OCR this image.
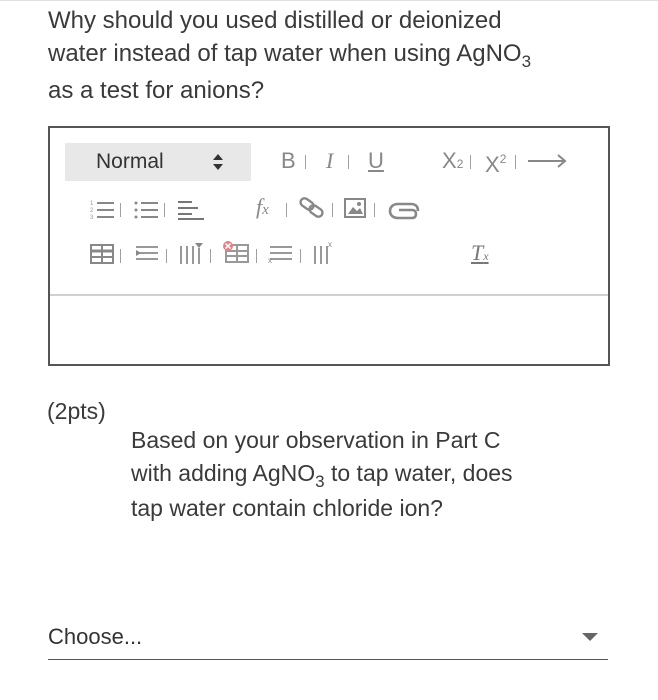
Why should you used distilled or deionized
water instead of tap water when using AgNO$_3$
as a test for anions?
Normal	B I U	X2 $X^2$
1
2
3	fx
x
x	Tx
(2pts)
Based on your observation in Part C
with adding AgNO$_3$ to tap water, does
tap water contain chloride ion?
Choose...
